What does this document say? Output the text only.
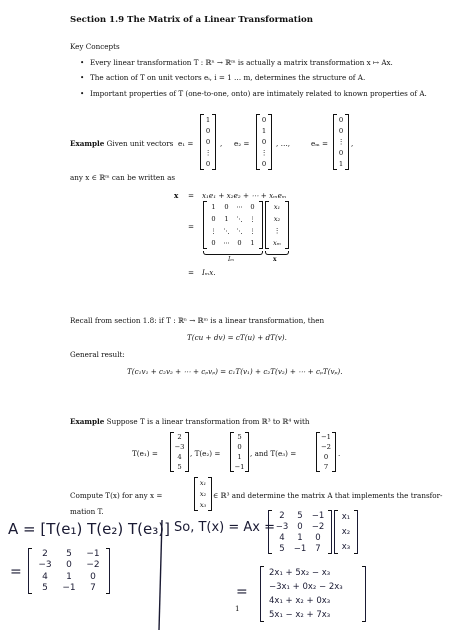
Section 1.9 The Matrix of a Linear Transformation
Key Concepts
• Every linear transformation T : ℝⁿ → ℝᵐ is actually a matrix transformation x ↦ Ax.
• The action of T on unit vectors eᵢ, i = 1 … m, determines the structure of A.
• Important properties of T (one-to-one, onto) are intimately related to known properties of A.
Example Given unit vectors e₁ =
1
0
0
⋮
0
, e₂ =
0
1
0
⋮
0
, …,	eₘ =
0
0
⋮
0
1
,
any x ∈ ℝᵐ can be written as
x = x₁e₁ + x₂e₂ + ⋯ + xₘeₘ
=
1 0 ⋯ 0
0 1 ⋱ ⋮
⋮ ⋱ ⋱ ⋮
0 ⋯ 0 1
x₁
x₂
⋮
xₘ
Iₘ	x
= Iₘx.
Recall from section 1.8: if T : ℝⁿ → ℝᵐ is a linear transformation, then
T(cu + dv) = cT(u) + dT(v).
General result:
T(c₁v₁ + c₂v₂ + ⋯ + cₚvₚ) = c₁T(v₁) + c₂T(v₂) + ⋯ + cₚT(vₚ).
Example Suppose T is a linear transformation from ℝ³ to ℝ⁴ with
T(e₁) =
2
−3
4
5
, T(e₂) =
5
0
1
−1
, and T(e₃) =
−1
−2
0
7
.
Compute T(x) for any x =
x₁
x₂
x₃
∈ ℝ³ and determine the matrix A that implements the transfor-
mation T.
A = [T(e₁) T(e₂) T(e₃)]
=
2 5 −1
−3 0 −2
4 1 0
5 −1 7
So, T(x) = Ax =
2 5 −1
−3 0 −2
4 1 0
5 −1 7
x₁
x₂
x₃
=
2x₁ + 5x₂ − x₃
−3x₁ + 0x₂ − 2x₃
4x₁ + x₂ + 0x₃
5x₁ − x₂ + 7x₃
1
